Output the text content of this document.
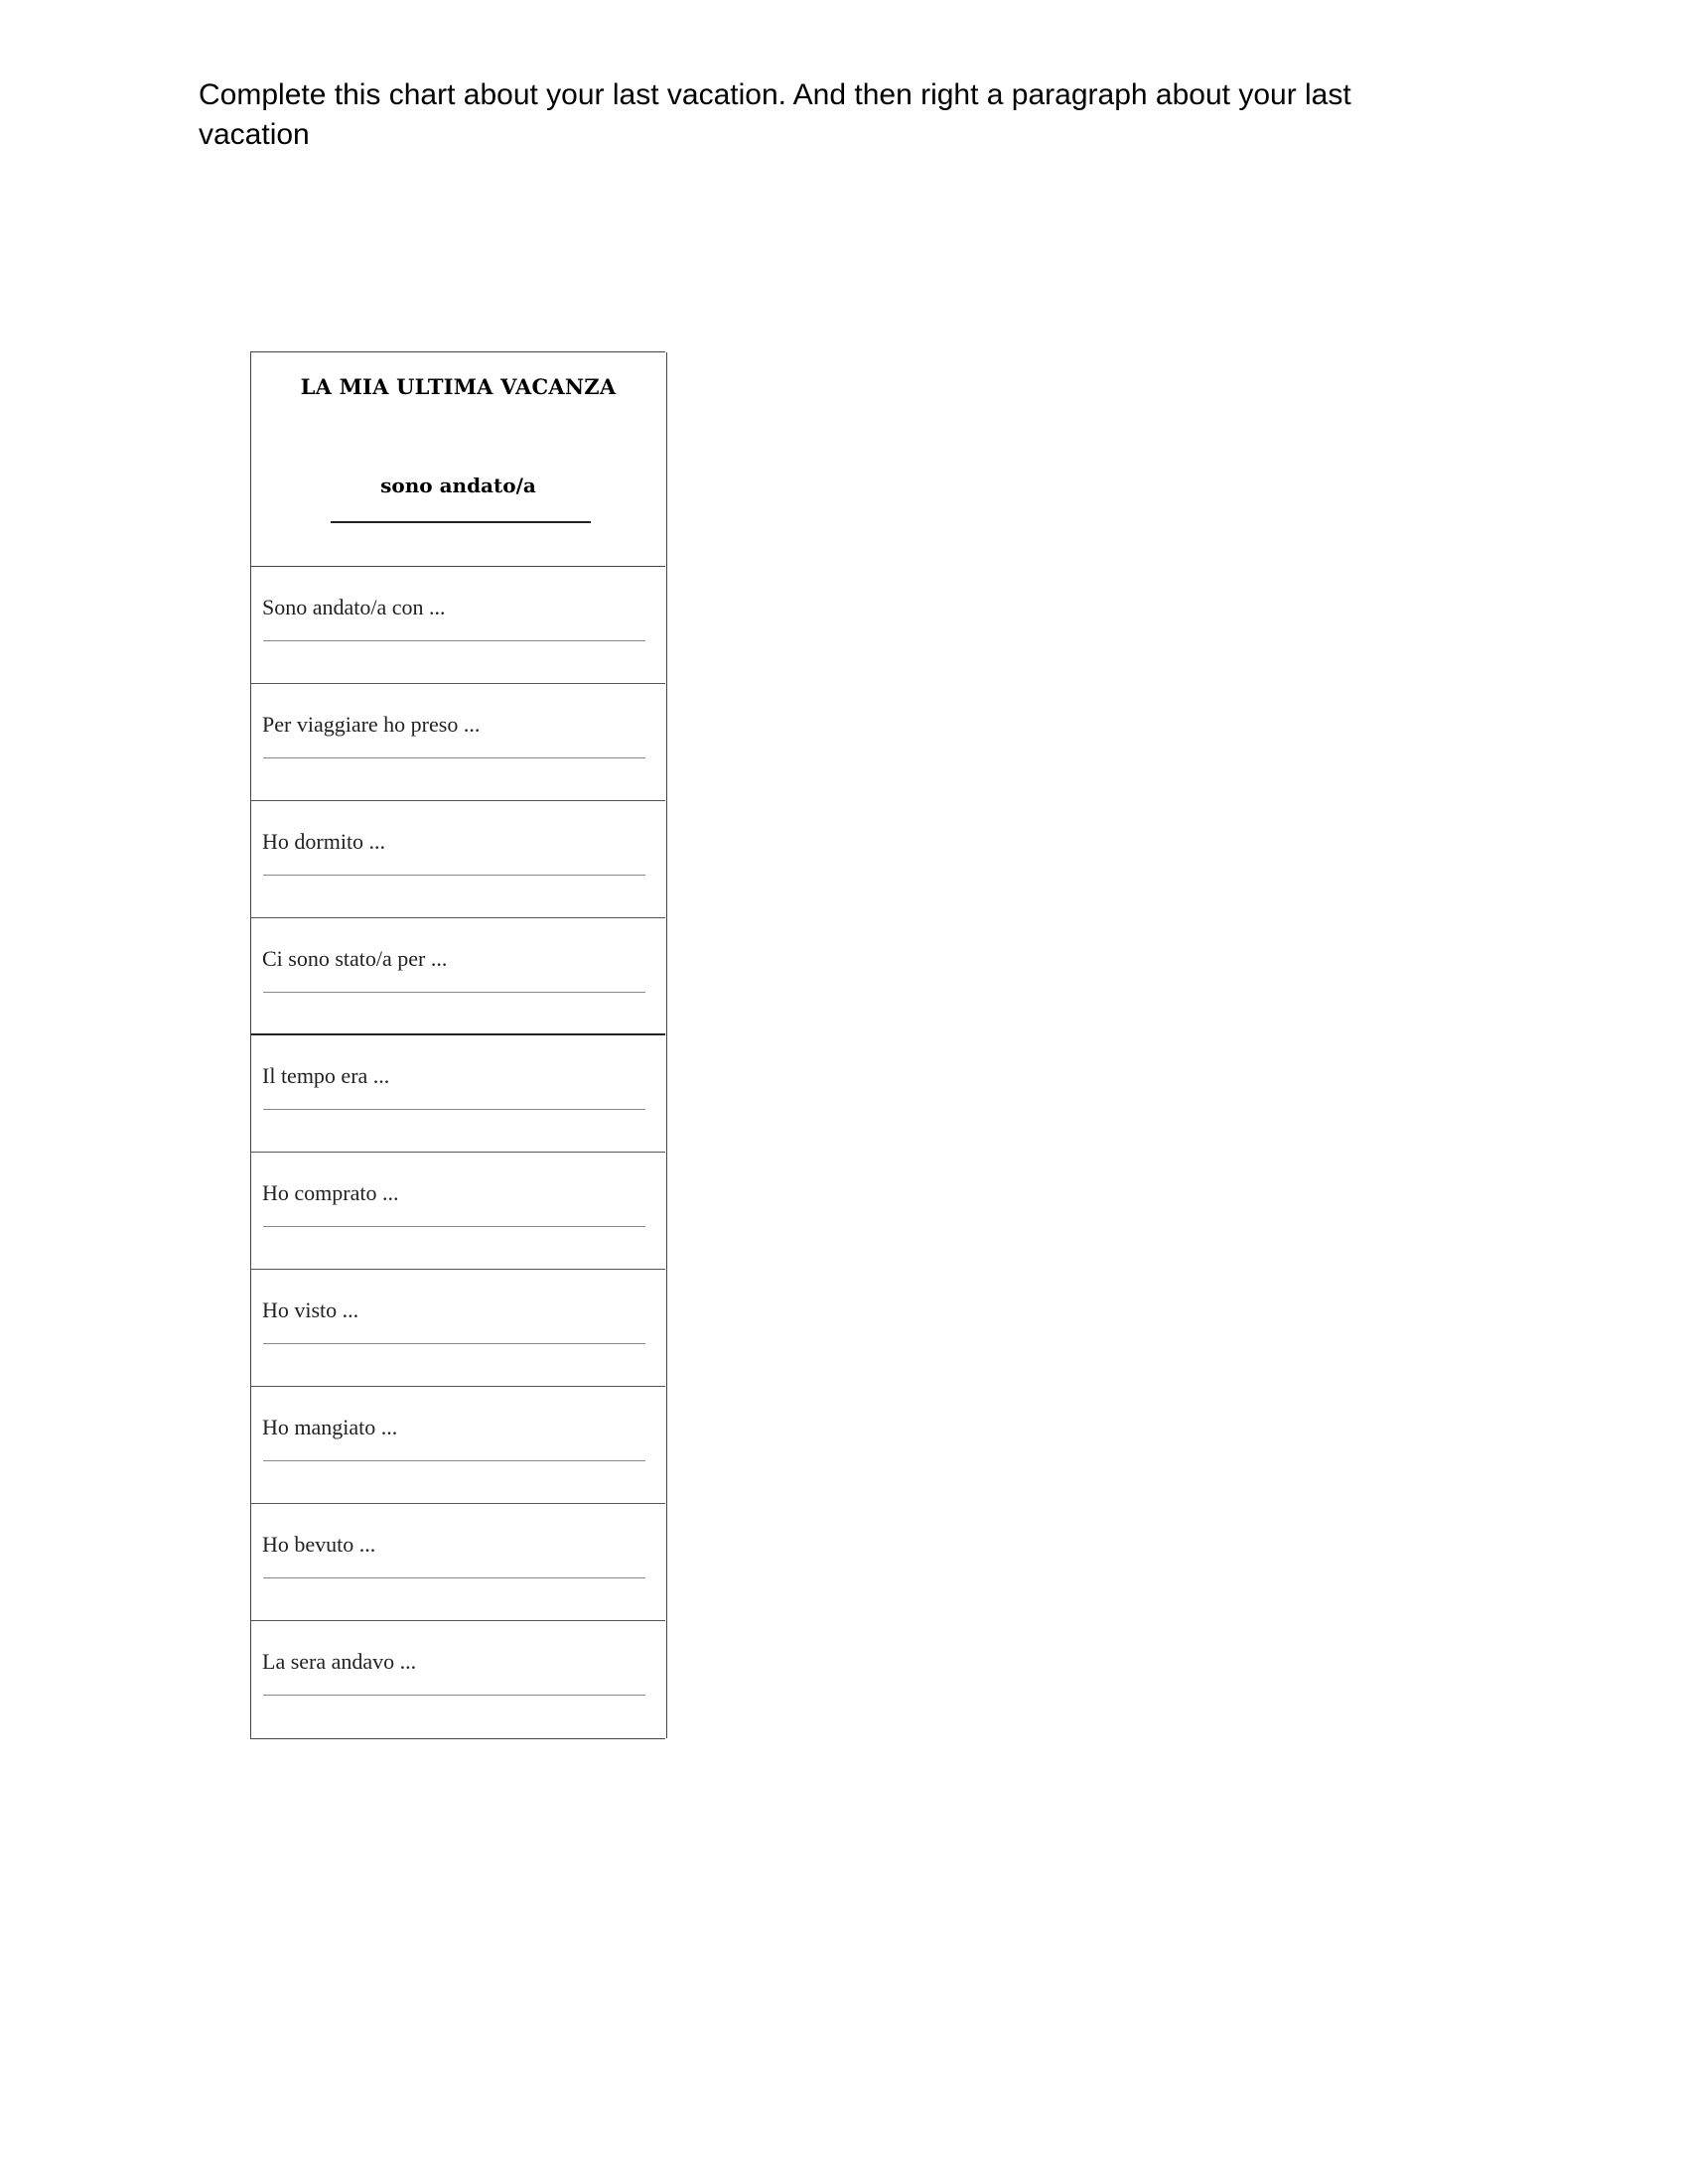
Complete this chart about your last vacation. And then right a paragraph about your last vacation

LA MIA ULTIMA VACANZA
sono andato/a
Sono andato/a con ...
Per viaggiare ho preso ...
Ho dormito ...
Ci sono stato/a per ...
Il tempo era ...
Ho comprato ...
Ho visto ...
Ho mangiato ...
Ho bevuto ...
La sera andavo ...
